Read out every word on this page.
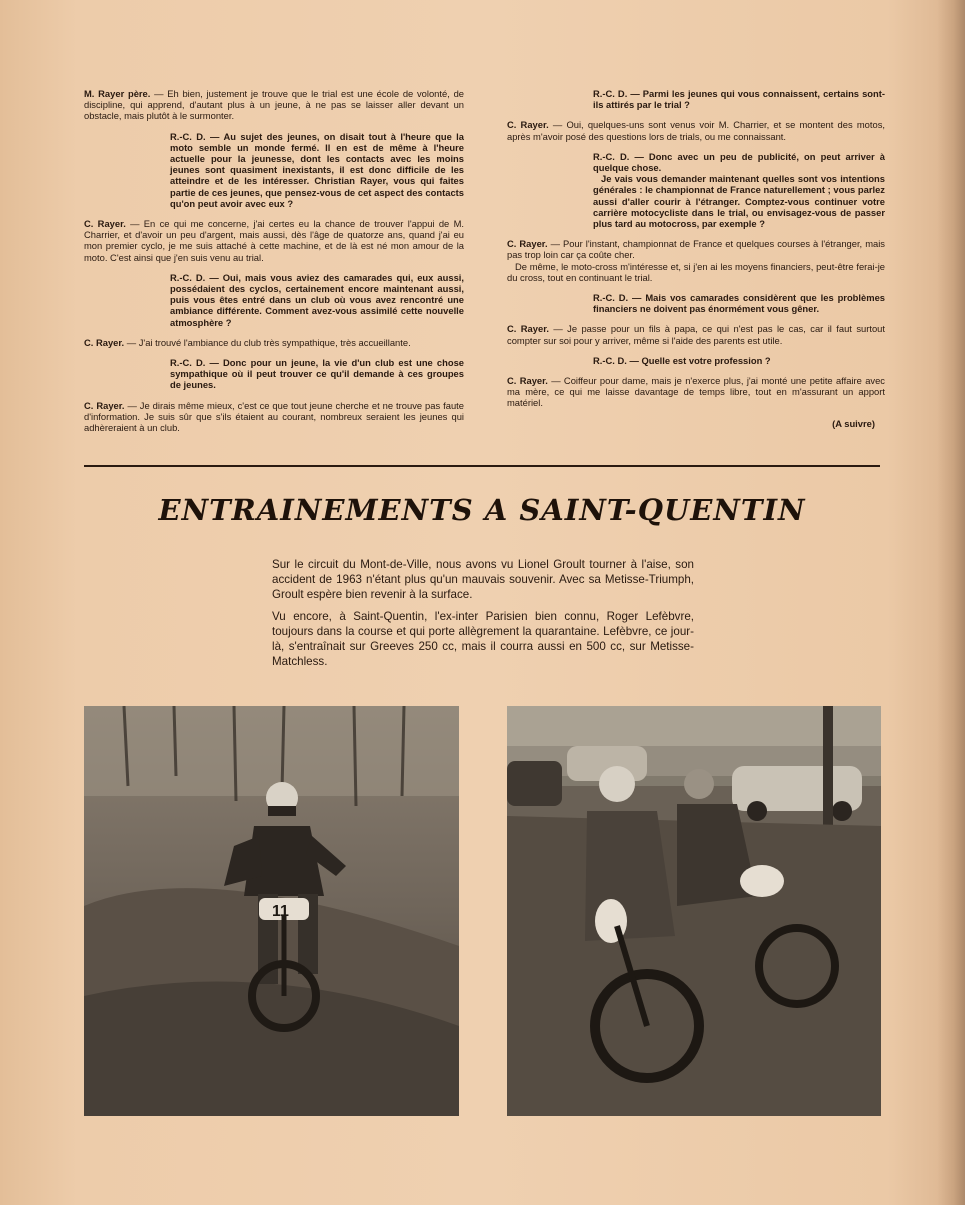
M. Rayer père. — Eh bien, justement je trouve que le trial est une école de volonté, de discipline, qui apprend, d'autant plus à un jeune, à ne pas se laisser aller devant un obstacle, mais plutôt à le surmonter.

R.-C. D. — Au sujet des jeunes, on disait tout à l'heure que la moto semble un monde fermé. Il en est de même à l'heure actuelle pour la jeunesse, dont les contacts avec les moins jeunes sont quasiment inexistants, il est donc difficile de les atteindre et de les intéresser. Christian Rayer, vous qui faites partie de ces jeunes, que pensez-vous de cet aspect des contacts qu'on peut avoir avec eux ?

C. Rayer. — En ce qui me concerne, j'ai certes eu la chance de trouver l'appui de M. Charrier, et d'avoir un peu d'argent, mais aussi, dès l'âge de quatorze ans, quand j'ai eu mon premier cyclo, je me suis attaché à cette machine, et de là est né mon amour de la moto. C'est ainsi que j'en suis venu au trial.

R.-C. D. — Oui, mais vous aviez des camarades qui, eux aussi, possédaient des cyclos, certainement encore maintenant aussi, puis vous êtes entré dans un club où vous avez rencontré une ambiance différente. Comment avez-vous assimilé cette nouvelle atmosphère ?

C. Rayer. — J'ai trouvé l'ambiance du club très sympathique, très accueillante.

R.-C. D. — Donc pour un jeune, la vie d'un club est une chose sympathique où il peut trouver ce qu'il demande à ces groupes de jeunes.

C. Rayer. — Je dirais même mieux, c'est ce que tout jeune cherche et ne trouve pas faute d'information. Je suis sûr que s'ils étaient au courant, nombreux seraient les jeunes qui adhèreraient à un club.

R.-C. D. — Parmi les jeunes qui vous connaissent, certains sont-ils attirés par le trial ?

C. Rayer. — Oui, quelques-uns sont venus voir M. Charrier, et se montent des motos, après m'avoir posé des questions lors de trials, ou me connaissant.

R.-C. D. — Donc avec un peu de publicité, on peut arriver à quelque chose.
Je vais vous demander maintenant quelles sont vos intentions générales : le championnat de France naturellement ; vous parlez aussi d'aller courir à l'étranger. Comptez-vous continuer votre carrière motocycliste dans le trial, ou envisagez-vous de passer plus tard au motocross, par exemple ?
C. Rayer. — Pour l'instant, championnat de France et quelques courses à l'étranger, mais pas trop loin car ça coûte cher.
De même, le moto-cross m'intéresse et, si j'en ai les moyens financiers, peut-être ferai-je du cross, tout en continuant le trial.

R.-C. D. — Mais vos camarades considèrent que les problèmes financiers ne doivent pas énormément vous gêner.

C. Rayer. — Je passe pour un fils à papa, ce qui n'est pas le cas, car il faut surtout compter sur soi pour y arriver, même si l'aide des parents est utile.

R.-C. D. — Quelle est votre profession ?

C. Rayer. — Coiffeur pour dame, mais je n'exerce plus, j'ai monté une petite affaire avec ma mère, ce qui me laisse davantage de temps libre, tout en m'assurant un apport matériel.

(A suivre)
ENTRAINEMENTS A SAINT-QUENTIN

Sur le circuit du Mont-de-Ville, nous avons vu Lionel Groult tourner à l'aise, son accident de 1963 n'étant plus qu'un mauvais souvenir. Avec sa Metisse-Triumph, Groult espère bien revenir à la surface.

Vu encore, à Saint-Quentin, l'ex-inter Parisien bien connu, Roger Lefèbvre, toujours dans la course et qui porte allègrement la quarantaine. Lefèbvre, ce jour-là, s'entraînait sur Greeves 250 cc, mais il courra aussi en 500 cc, sur Metisse-Matchless.

11
